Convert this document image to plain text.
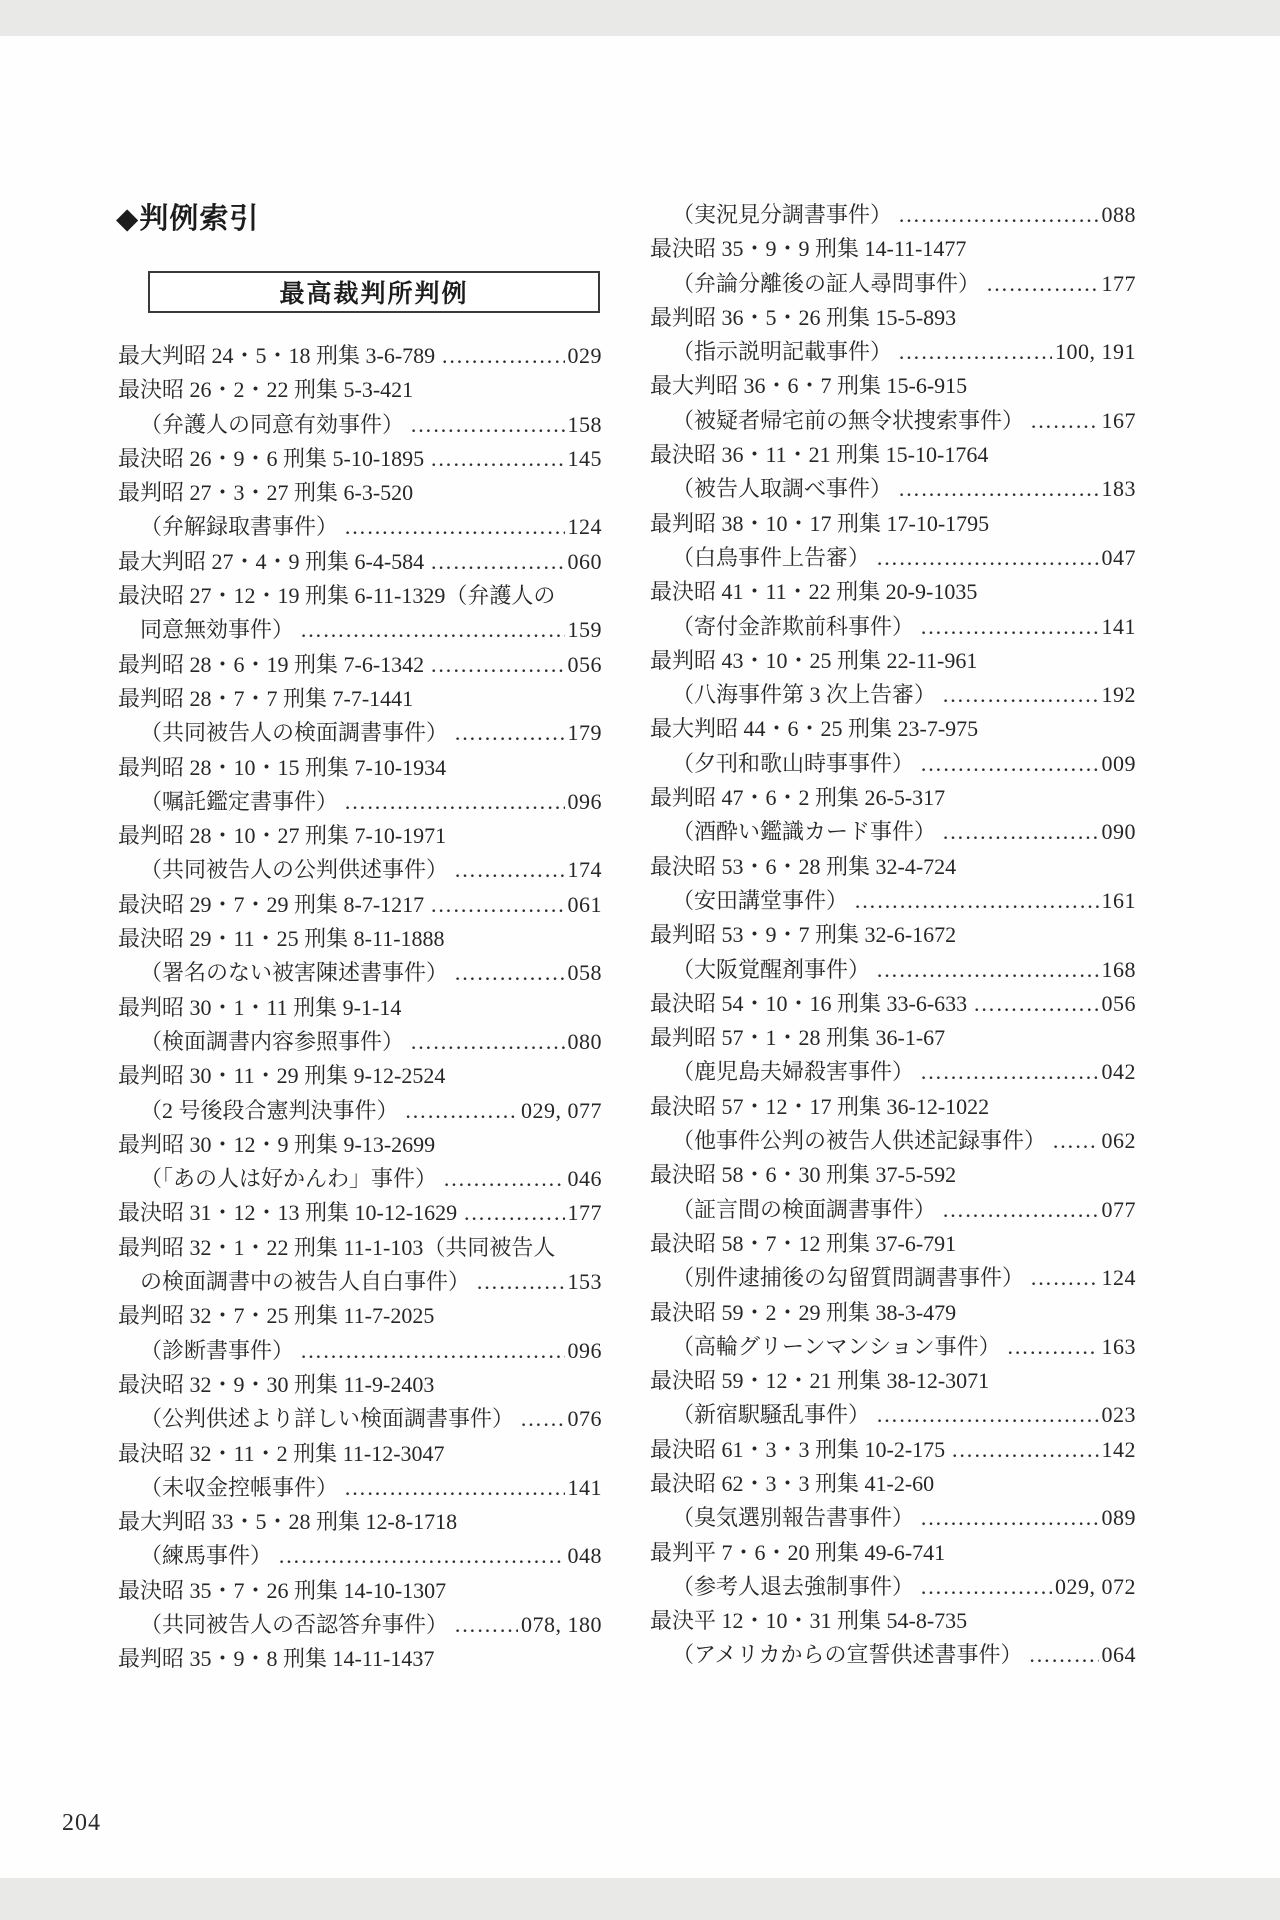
◆判例索引
最高裁判所判例
最大判昭 24・5・18 刑集 3-6-789 ……………………………………………………………………………………	029
最決昭 26・2・22 刑集 5-3-421
（弁護人の同意有効事件） ……………………………………………………………………………………	158
最決昭 26・9・6 刑集 5-10-1895 ……………………………………………………………………………………	145
最判昭 27・3・27 刑集 6-3-520
（弁解録取書事件） ……………………………………………………………………………………	124
最大判昭 27・4・9 刑集 6-4-584 ……………………………………………………………………………………	060
最決昭 27・12・19 刑集 6-11-1329（弁護人の
同意無効事件） ……………………………………………………………………………………	159
最判昭 28・6・19 刑集 7-6-1342 ……………………………………………………………………………………	056
最判昭 28・7・7 刑集 7-7-1441
（共同被告人の検面調書事件） ……………………………………………………………………………………	179
最判昭 28・10・15 刑集 7-10-1934
（嘱託鑑定書事件） ……………………………………………………………………………………	096
最判昭 28・10・27 刑集 7-10-1971
（共同被告人の公判供述事件） ……………………………………………………………………………………	174
最決昭 29・7・29 刑集 8-7-1217 ……………………………………………………………………………………	061
最決昭 29・11・25 刑集 8-11-1888
（署名のない被害陳述書事件） ……………………………………………………………………………………	058
最判昭 30・1・11 刑集 9-1-14
（検面調書内容参照事件） ……………………………………………………………………………………	080
最判昭 30・11・29 刑集 9-12-2524
（2 号後段合憲判決事件） ……………………………………………………………………………………	029, 077
最判昭 30・12・9 刑集 9-13-2699
（「あの人は好かんわ」事件） ……………………………………………………………………………………	046
最決昭 31・12・13 刑集 10-12-1629 ……………………………………………………………………………………	177
最判昭 32・1・22 刑集 11-1-103（共同被告人
の検面調書中の被告人自白事件） ……………………………………………………………………………………	153
最判昭 32・7・25 刑集 11-7-2025
（診断書事件） ……………………………………………………………………………………	096
最決昭 32・9・30 刑集 11-9-2403
（公判供述より詳しい検面調書事件） …………………………………………………………………………………… 076
最決昭 32・11・2 刑集 11-12-3047
（未収金控帳事件） ……………………………………………………………………………………	141
最大判昭 33・5・28 刑集 12-8-1718
（練馬事件） ……………………………………………………………………………………	048
最決昭 35・7・26 刑集 14-10-1307
（共同被告人の否認答弁事件） ……………………………………………………………………………………	078, 180
最判昭 35・9・8 刑集 14-11-1437
（実況見分調書事件） ……………………………………………………………………………………	088
最決昭 35・9・9 刑集 14-11-1477
（弁論分離後の証人尋問事件） ……………………………………………………………………………………	177
最判昭 36・5・26 刑集 15-5-893
（指示説明記載事件） ……………………………………………………………………………………	100, 191
最大判昭 36・6・7 刑集 15-6-915
（被疑者帰宅前の無令状捜索事件） ……………………………………………………………………………………	167
最決昭 36・11・21 刑集 15-10-1764
（被告人取調べ事件） ……………………………………………………………………………………	183
最判昭 38・10・17 刑集 17-10-1795
（白鳥事件上告審） ……………………………………………………………………………………	047
最決昭 41・11・22 刑集 20-9-1035
（寄付金詐欺前科事件） ……………………………………………………………………………………	141
最判昭 43・10・25 刑集 22-11-961
（八海事件第 3 次上告審） ……………………………………………………………………………………	192
最大判昭 44・6・25 刑集 23-7-975
（夕刊和歌山時事事件） ……………………………………………………………………………………	009
最判昭 47・6・2 刑集 26-5-317
（酒酔い鑑識カード事件） ……………………………………………………………………………………	090
最決昭 53・6・28 刑集 32-4-724
（安田講堂事件） ……………………………………………………………………………………	161
最判昭 53・9・7 刑集 32-6-1672
（大阪覚醒剤事件） ……………………………………………………………………………………	168
最決昭 54・10・16 刑集 33-6-633 ……………………………………………………………………………………	056
最判昭 57・1・28 刑集 36-1-67
（鹿児島夫婦殺害事件） ……………………………………………………………………………………	042
最決昭 57・12・17 刑集 36-12-1022
（他事件公判の被告人供述記録事件） ……………………………………………………………………………………	062
最決昭 58・6・30 刑集 37-5-592
（証言間の検面調書事件） ……………………………………………………………………………………	077
最決昭 58・7・12 刑集 37-6-791
（別件逮捕後の勾留質問調書事件） ……………………………………………………………………………………	124
最決昭 59・2・29 刑集 38-3-479
（高輪グリーンマンション事件） ……………………………………………………………………………………	163
最決昭 59・12・21 刑集 38-12-3071
（新宿駅騒乱事件） ……………………………………………………………………………………	023
最決昭 61・3・3 刑集 10-2-175 ……………………………………………………………………………………	142
最決昭 62・3・3 刑集 41-2-60
（臭気選別報告書事件） ……………………………………………………………………………………	089
最判平 7・6・20 刑集 49-6-741
（参考人退去強制事件） ……………………………………………………………………………………	029, 072
最決平 12・10・31 刑集 54-8-735
（アメリカからの宣誓供述書事件） ……………………………………………………………………………………	064
204
